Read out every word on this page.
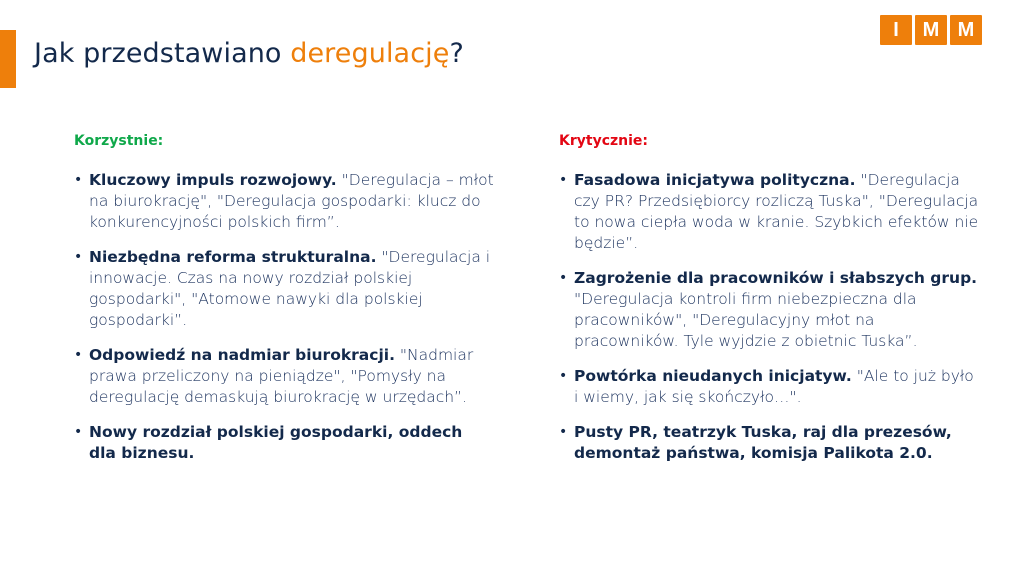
Jak przedstawiano deregulację?
I	M M
Korzystnie:
• Kluczowy impuls rozwojowy. "Deregulacja – młot na biurokrację", "Deregulacja gospodarki: klucz do konkurencyjności polskich firm”.
• Niezbędna reforma strukturalna. "Deregulacja i innowacje. Czas na nowy rozdział polskiej gospodarki", "Atomowe nawyki dla polskiej gospodarki”.
• Odpowiedź na nadmiar biurokracji. "Nadmiar prawa przeliczony na pieniądze", "Pomysły na deregulację demaskują biurokrację w urzędach”.
• Nowy rozdział polskiej gospodarki, oddech dla biznesu.
Krytycznie:
• Fasadowa inicjatywa polityczna. "Deregulacja czy PR? Przedsiębiorcy rozliczą Tuska", "Deregulacja to nowa ciepła woda w kranie. Szybkich efektów nie będzie”.
• Zagrożenie dla pracowników i słabszych grup. "Deregulacja kontroli firm niebezpieczna dla pracowników", "Deregulacyjny młot na pracowników. Tyle wyjdzie z obietnic Tuska”.
• Powtórka nieudanych inicjatyw. "Ale to już było i wiemy, jak się skończyło…".
• Pusty PR, teatrzyk Tuska, raj dla prezesów, demontaż państwa, komisja Palikota 2.0.
